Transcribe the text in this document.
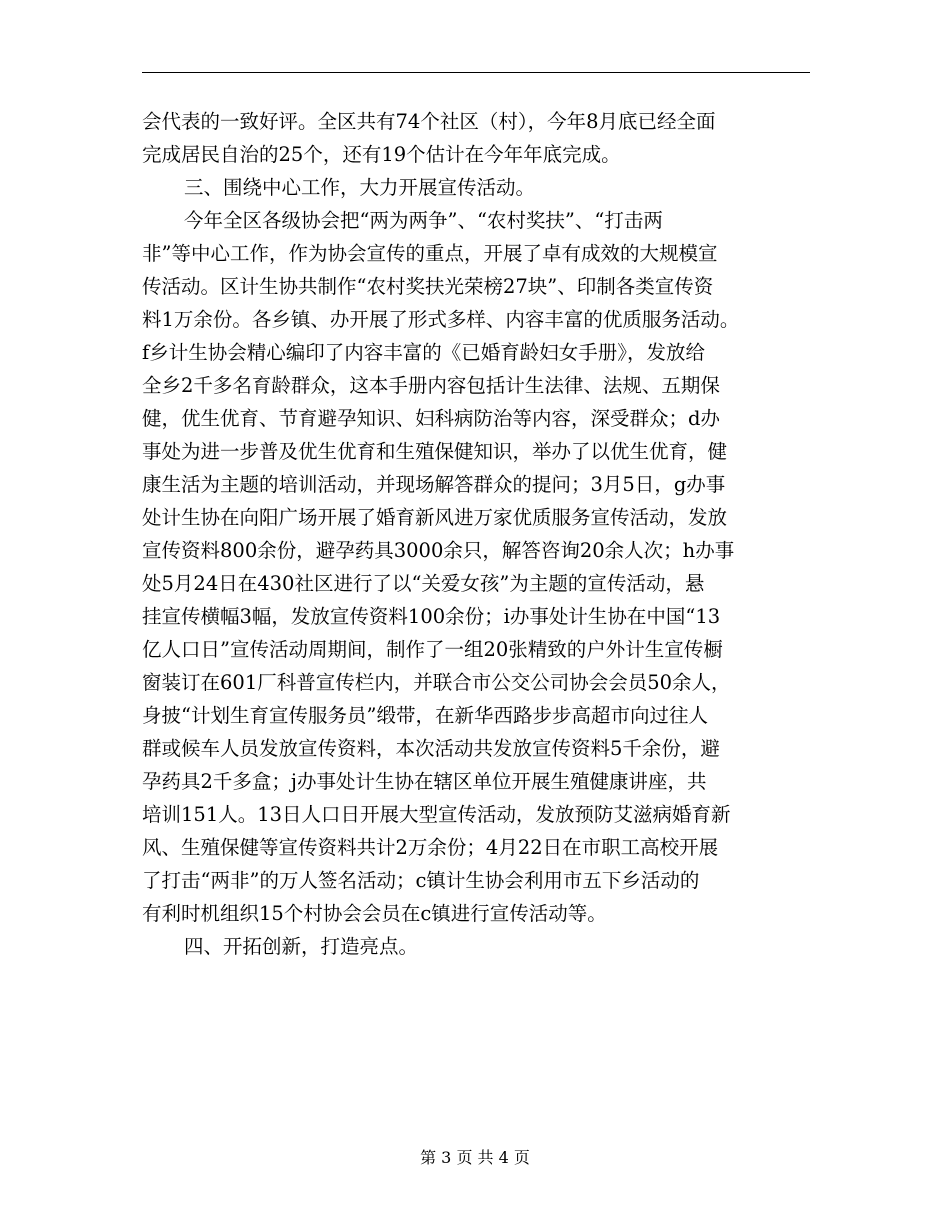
会代表的一致好评。全区共有74个社区（村），今年8月底已经全面
完成居民自治的25个，还有19个估计在今年年底完成。
三、围绕中心工作，大力开展宣传活动。
今年全区各级协会把“两为两争”、“农村奖扶”、“打击两
非”等中心工作，作为协会宣传的重点，开展了卓有成效的大规模宣
传活动。区计生协共制作“农村奖扶光荣榜27块”、印制各类宣传资
料1万余份。各乡镇、办开展了形式多样、内容丰富的优质服务活动。
f乡计生协会精心编印了内容丰富的《已婚育龄妇女手册》，发放给
全乡2千多名育龄群众，这本手册内容包括计生法律、法规、五期保
健，优生优育、节育避孕知识、妇科病防治等内容，深受群众；d办
事处为进一步普及优生优育和生殖保健知识，举办了以优生优育，健
康生活为主题的培训活动，并现场解答群众的提问；3月5日，g办事
处计生协在向阳广场开展了婚育新风进万家优质服务宣传活动，发放
宣传资料800余份，避孕药具3000余只，解答咨询20余人次；h办事
处5月24日在430社区进行了以“关爱女孩”为主题的宣传活动，悬
挂宣传横幅3幅，发放宣传资料100余份；i办事处计生协在中国“13
亿人口日”宣传活动周期间，制作了一组20张精致的户外计生宣传橱
窗装订在601厂科普宣传栏内，并联合市公交公司协会会员50余人，
身披“计划生育宣传服务员”缎带，在新华西路步步高超市向过往人
群或候车人员发放宣传资料，本次活动共发放宣传资料5千余份，避
孕药具2千多盒；j办事处计生协在辖区单位开展生殖健康讲座，共
培训151人。13日人口日开展大型宣传活动，发放预防艾滋病婚育新
风、生殖保健等宣传资料共计2万余份；4月22日在市职工高校开展
了打击“两非”的万人签名活动；c镇计生协会利用市五下乡活动的
有利时机组织15个村协会会员在c镇进行宣传活动等。
四、开拓创新，打造亮点。
第 3 页 共 4 页
